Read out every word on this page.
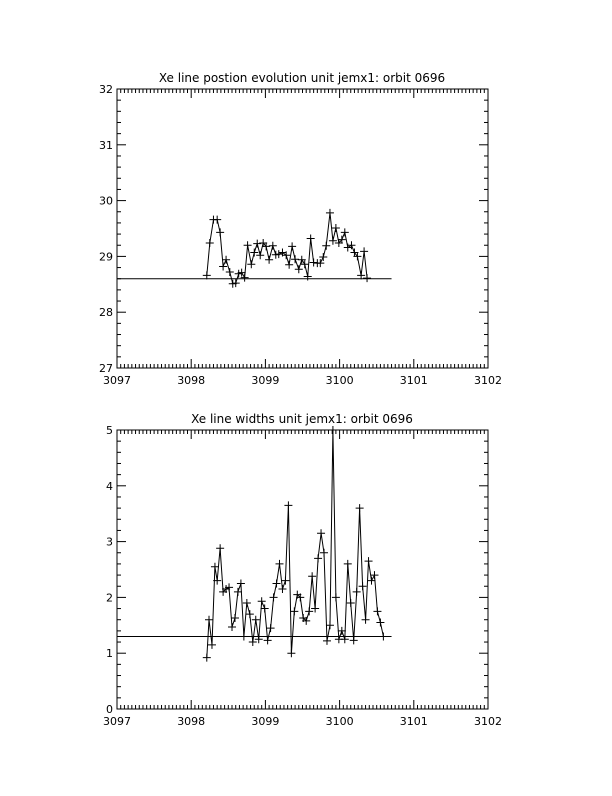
Xe line postion evolution unit jemx1: orbit 0696
3097	3098	3099	3100	3101	3102
27
28
29
30
31
32
Xe line widths unit jemx1: orbit 0696
3097	3098	3099	3100	3101	3102
0
1
2
3
4
5
